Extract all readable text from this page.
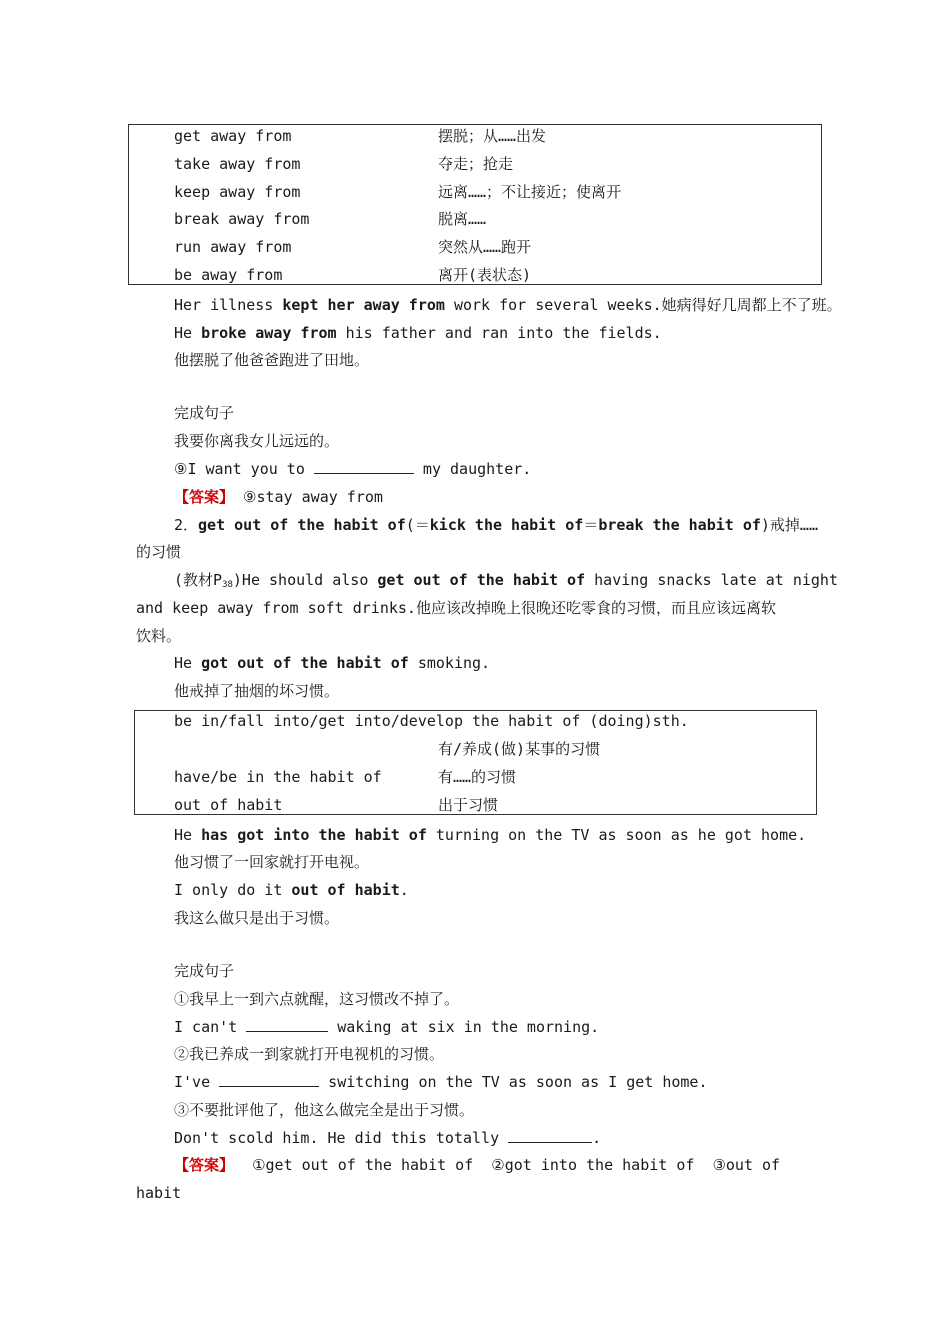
get away from	摆脱；从……出发
take away from	夺走；抢走
keep away from	远离……；不让接近；使离开
break away from	脱离……
run away from	突然从……跑开
be away from	离开(表状态)
Her illness kept her away from work for several weeks.她病得好几周都上不了班。
He broke away from his father and ran into the fields.
他摆脱了他爸爸跑进了田地。
完成句子
我要你离我女儿远远的。
⑨I want you to	my daughter.
【答案】 ⑨stay away from
2．get out of the habit of(＝kick the habit of＝break the habit of)戒掉……
的习惯
(教材$P_{38})He$ should also get out of the habit of having snacks late at night
and keep away from soft drinks.他应该改掉晚上很晚还吃零食的习惯，而且应该远离软
饮料。
He got out of the habit of smoking.
他戒掉了抽烟的坏习惯。
be in/fall into/get into/develop the habit of (doing)sth.
有/养成(做)某事的习惯
have/be in the habit of	有……的习惯
out of habit	出于习惯
He has got into the habit of turning on the TV as soon as he got home.
他习惯了一回家就打开电视。
I only do it out of habit.
我这么做只是出于习惯。
完成句子
①我早上一到六点就醒，这习惯改不掉了。
I can't	waking at six in the morning.
②我已养成一到家就打开电视机的习惯。
I've	switching on the TV as soon as I get home.
③不要批评他了，他这么做完全是出于习惯。
Don't scold him. He did this totally	.
【答案】  ①get out of the habit of  ②got into the habit of  ③out of
habit
